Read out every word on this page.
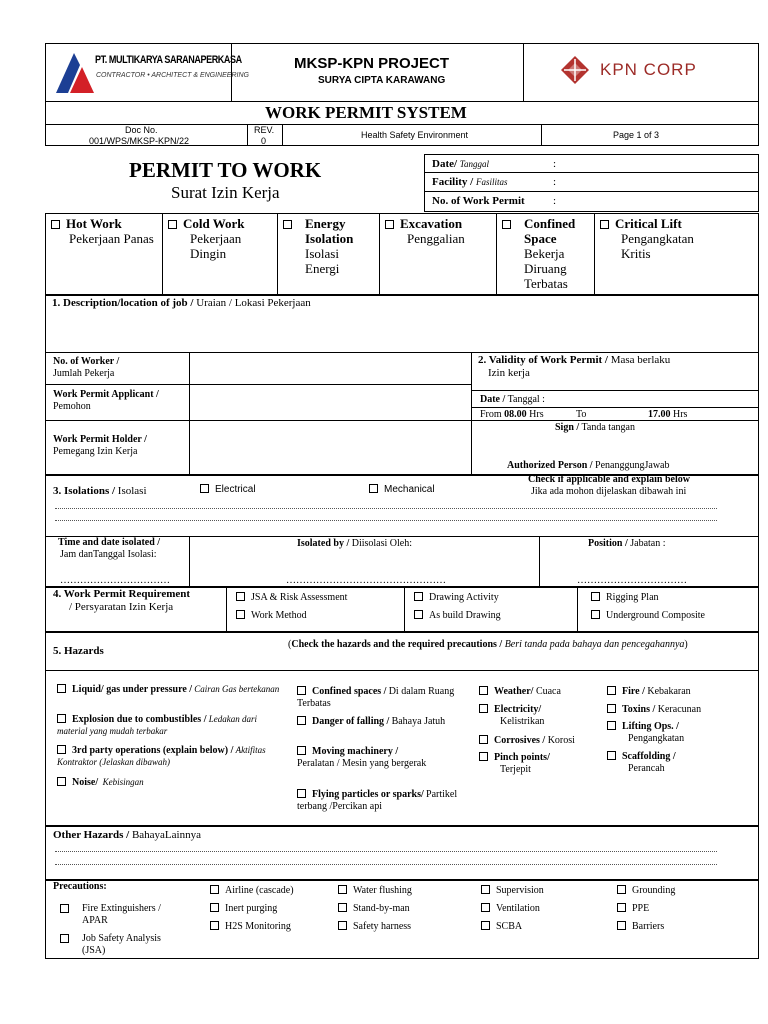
PT. MULTIKARYA SARANAPERKASA
CONTRACTOR • ARCHITECT & ENGINEERING
MKSP-KPN PROJECT
SURYA CIPTA KARAWANG
KPN CORP
WORK PERMIT SYSTEM
Doc No.
001/WPS/MKSP-KPN/22
REV.
0
Health Safety Environment	Page 1 of 3
PERMIT TO WORK
Surat Izin Kerja
Date/ Tanggal
Facility / Fasilitas
No. of Work Permit
:
:
:
Hot Work
Pekerjaan Panas
Cold Work
Pekerjaan Dingin
Energy Isolation
Isolasi Energi
Excavation
Penggalian
Confined Space
Bekerja Diruang Terbatas
Critical Lift
Pengangkatan Kritis
1. Description/location of job / Uraian / Lokasi Pekerjaan
No. of Worker /
Jumlah Pekerja
Work Permit Applicant /
Pemohon
Work Permit Holder /
Pemegang Izin Kerja
2. Validity of Work Permit / Masa berlaku
Izin kerja
Date / Tanggal :
From 08.00 Hrs	To	17.00 Hrs
Sign / Tanda tangan
Authorized Person / PenanggungJawab
3. Isolations / Isolasi	Electrical	Mechanical
Check if applicable and explain below
Jika ada mohon dijelaskan dibawah ini
Time and date isolated /
Jam danTanggal Isolasi:
Isolated by / Diisolasi Oleh:	Position / Jabatan :
……………………………	…………………………………………	……………………………
4. Work Permit Requirement
/ Persyaratan Izin Kerja
JSA & Risk Assessment
Work Method
Drawing Activity
As build Drawing
Rigging Plan
Underground Composite
5. Hazards
(Check the hazards and the required precautions / Beri tanda pada bahaya dan pencegahannya)
Liquid/ gas under pressure / Cairan Gas bertekanan
Explosion due to combustibles / Ledakan dari material yang mudah terbakar
3rd party operations (explain below) / Aktifitas Kontraktor (Jelaskan dibawah)
Noise/ Kebisingan
Confined spaces / Di dalam Ruang Terbatas
Danger of falling / Bahaya Jatuh
Moving machinery / Peralatan / Mesin yang bergerak
Flying particles or sparks/ Partikel terbang /Percikan api
Weather/ Cuaca
Electricity/
Kelistrikan
Corrosives / Korosi
Pinch points/
Terjepit
Fire / Kebakaran
Toxins / Keracunan
Lifting Ops. /
Pengangkatan
Scaffolding /
Perancah
Other Hazards / BahayaLainnya
Precautions:
Fire Extinguishers / APAR
Job Safety Analysis (JSA)
Airline (cascade)
Inert purging
H2S Monitoring
Water flushing
Stand-by-man
Safety harness
Supervision
Ventilation
SCBA
Grounding
PPE
Barriers
